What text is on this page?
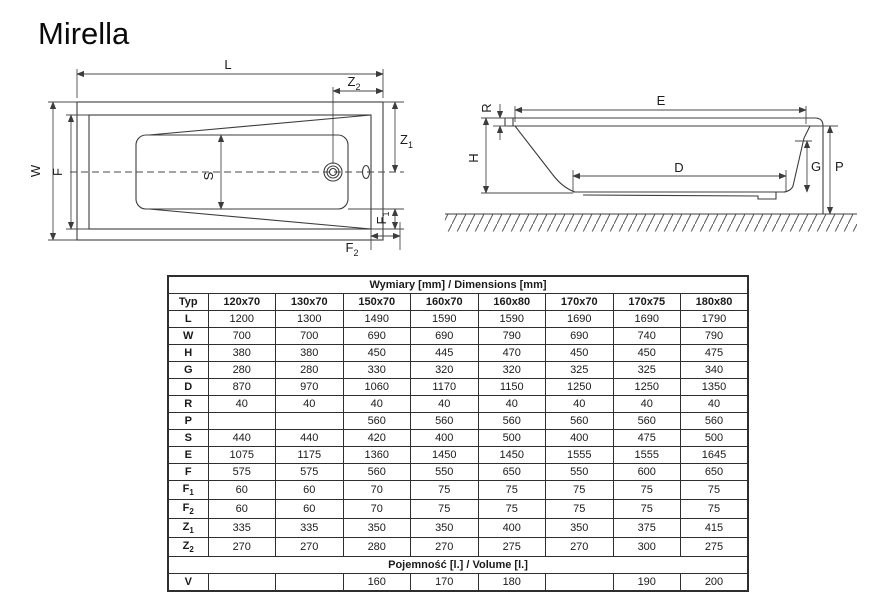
Mirella
L
$Z_2$
W F	S
$Z_1$
$F_1$
$F_2$
R	E
H
D	G P
Wymiary [mm] / Dimensions [mm]								
Typ	120x70	130x70	150x70	160x70	160x80	170x70	170x75	180x80
L	1200	1300	1490	1590	1590	1690	1690	1790
W	700	700	690	690	790	690	740	790
H	380	380	450	445	470	450	450	475
G	280	280	330	320	320	325	325	340
D	870	970	1060	1170	1150	1250	1250	1350
R	40	40	40	40	40	40	40	40
P			560	560	560	560	560	560
S	440	440	420	400	500	400	475	500
E	1075	1175	1360	1450	1450	1555	1555	1645
F	575	575	560	550	650	550	600	650
$F_1$	60	60	70	75	75	75	75	75
$F_2$	60	60	70	75	75	75	75	75
$Z_1$	335	335	350	350	400	350	375	415
$Z_2$	270	270	280	270	275	270	300	275
Pojemność [l.] / Volume [l.]								
V			160	170	180		190	200
